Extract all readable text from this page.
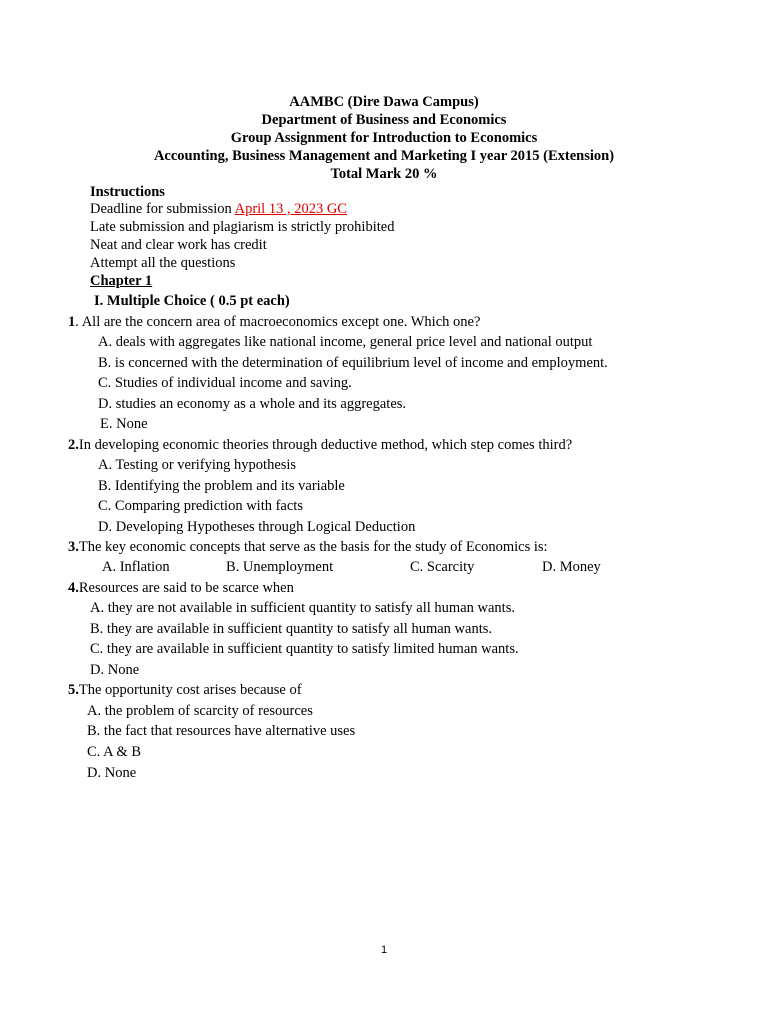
AAMBC (Dire Dawa Campus)
Department of Business and Economics
Group Assignment for Introduction to Economics
Accounting, Business Management and Marketing I year 2015 (Extension)
Total Mark 20 %
Instructions
Deadline for submission April 13 , 2023 GC
Late submission and plagiarism is strictly prohibited
Neat and clear work has credit
Attempt all the questions
Chapter 1
I. Multiple Choice ( 0.5 pt each)
1. All are the concern area of macroeconomics except one. Which one?
A. deals with aggregates like national income, general price level and national output
B. is concerned with the determination of equilibrium level of income and employment.
C. Studies of individual income and saving.
D. studies an economy as a whole and its aggregates.
E. None
2.In developing economic theories through deductive method, which step comes third?
A. Testing or verifying hypothesis
B. Identifying the problem and its variable
C. Comparing prediction with facts
D. Developing Hypotheses through Logical Deduction
3.The key economic concepts that serve as the basis for the study of Economics is:
A. Inflation	B. Unemployment	C. Scarcity	D. Money
4.Resources are said to be scarce when
A. they are not available in sufficient quantity to satisfy all human wants.
B. they are available in sufficient quantity to satisfy all human wants.
C. they are available in sufficient quantity to satisfy limited human wants.
D. None
5.The opportunity cost arises because of
A. the problem of scarcity of resources
B. the fact that resources have alternative uses
C. A & B
D. None
1
